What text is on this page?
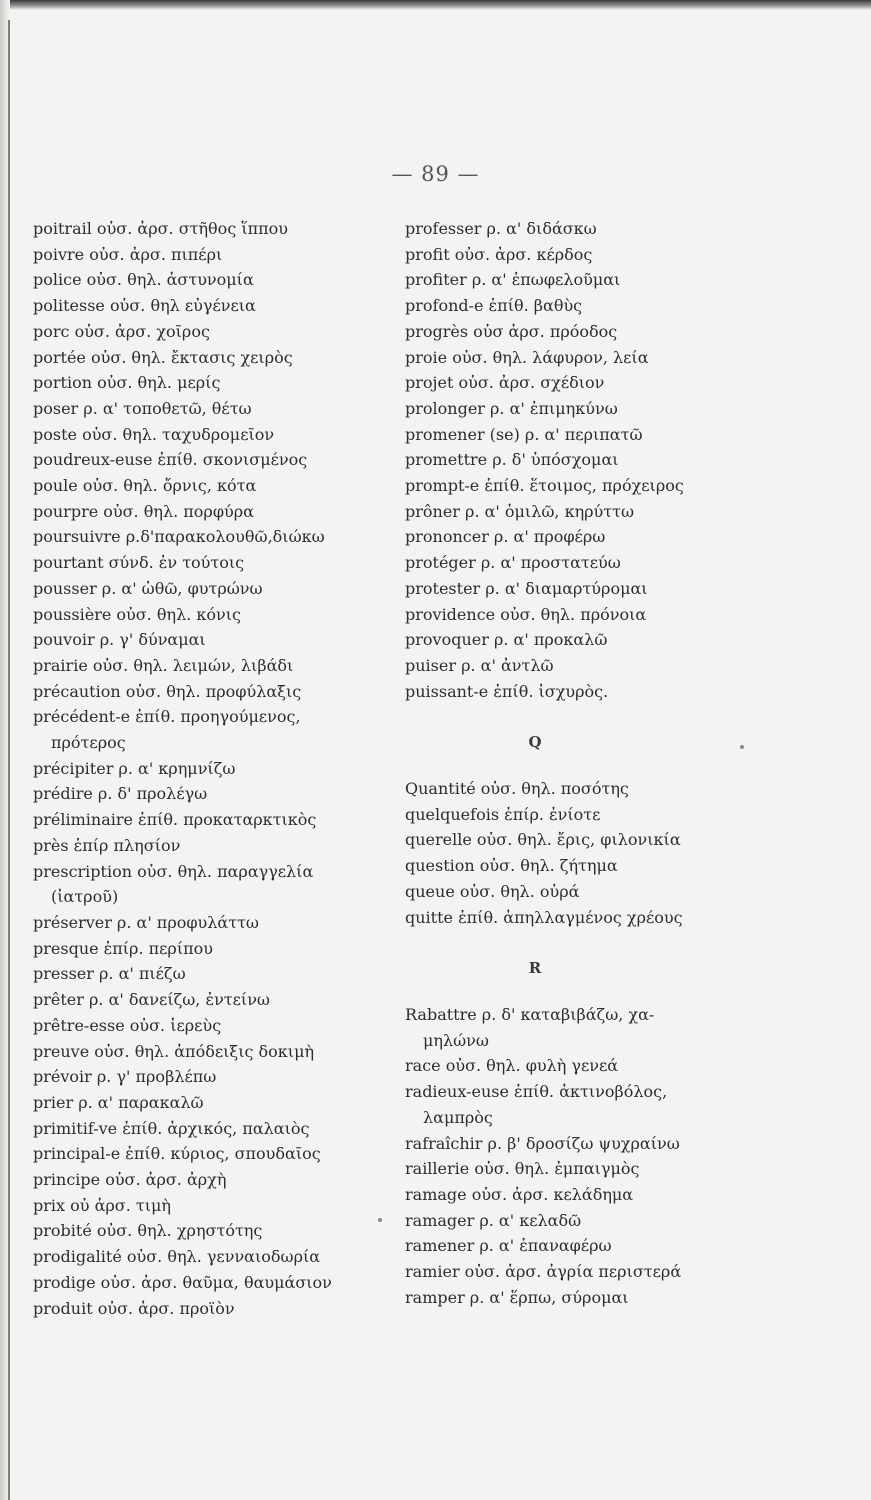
— 89 —
poitrail οὐσ. ἀρσ. στῆθος ἵππου
poivre οὐσ. ἀρσ. πιπέρι
police οὐσ. θηλ. ἀστυνομία
politesse οὐσ. θηλ εὐγένεια
porc οὐσ. ἀρσ. χοῖρος
portée οὐσ. θηλ. ἔκτασις χειρὸς
portion οὐσ. θηλ. μερίς
poser ρ. α' τοποθετῶ, θέτω
poste οὐσ. θηλ. ταχυδρομεῖον
poudreux-euse ἐπίθ. σκονισμένος
poule οὐσ. θηλ. ὄρνις, κότα
pourpre οὐσ. θηλ. πορφύρα
poursuivre ρ.δ'παρακολουθῶ,διώκω
pourtant σύνδ. ἐν τούτοις
pousser ρ. α' ὠθῶ, φυτρώνω
poussière οὐσ. θηλ. κόνις
pouvoir ρ. γ' δύναμαι
prairie οὐσ. θηλ. λειμών, λιβάδι
précaution οὐσ. θηλ. προφύλαξις
précédent-e ἐπίθ. προηγούμενος,
πρότερος
précipiter ρ. α' κρημνίζω
prédire ρ. δ' προλέγω
préliminaire ἐπίθ. προκαταρκτικὸς
près ἐπίρ πλησίον
prescription οὐσ. θηλ. παραγγελία
(ἰατροῦ)
préserver ρ. α' προφυλάττω
presque ἐπίρ. περίπου
presser ρ. α' πιέζω
prêter ρ. α' δανείζω, ἐντείνω
prêtre-esse οὐσ. ἱερεὺς
preuve οὐσ. θηλ. ἀπόδειξις δοκιμὴ
prévoir ρ. γ' προβλέπω
prier ρ. α' παρακαλῶ
primitif-ve ἐπίθ. ἀρχικός, παλαιὸς
principal-e ἐπίθ. κύριος, σπουδαῖος
principe οὐσ. ἀρσ. ἀρχὴ
prix οὐ ἀρσ. τιμὴ
probité οὐσ. θηλ. χρηστότης
prodigalité οὐσ. θηλ. γενναιοδωρία
prodige οὐσ. ἀρσ. θαῦμα, θαυμάσιον
produit οὐσ. ἀρσ. προϊὸν
professer ρ. α' διδάσκω
profit οὐσ. ἀρσ. κέρδος
profiter ρ. α' ἐπωφελοῦμαι
profond-e ἐπίθ. βαθὺς
progrès οὐσ ἀρσ. πρόοδος
proie οὐσ. θηλ. λάφυρον, λεία
projet οὐσ. ἀρσ. σχέδιον
prolonger ρ. α' ἐπιμηκύνω
promener (se) ρ. α' περιπατῶ
promettre ρ. δ' ὑπόσχομαι
prompt-e ἐπίθ. ἕτοιμος, πρόχειρος
prôner ρ. α' ὁμιλῶ, κηρύττω
prononcer ρ. α' προφέρω
protéger ρ. α' προστατεύω
protester ρ. α' διαμαρτύρομαι
providence οὐσ. θηλ. πρόνοια
provoquer ρ. α' προκαλῶ
puiser ρ. α' ἀντλῶ
puissant-e ἐπίθ. ἰσχυρὸς.
Q
Quantité οὐσ. θηλ. ποσότης
quelquefois ἐπίρ. ἐνίοτε
querelle οὐσ. θηλ. ἔρις, φιλονικία
question οὐσ. θηλ. ζήτημα
queue οὐσ. θηλ. οὐρά
quitte ἐπίθ. ἀπηλλαγμένος χρέους
R
Rabattre ρ. δ' καταβιβάζω, χα-
μηλώνω
race οὐσ. θηλ. φυλὴ γενεά
radieux-euse ἐπίθ. ἀκτινοβόλος,
λαμπρὸς
rafraîchir ρ. β' δροσίζω ψυχραίνω
raillerie οὐσ. θηλ. ἐμπαιγμὸς
ramage οὐσ. ἀρσ. κελάδημα
ramager ρ. α' κελαδῶ
ramener ρ. α' ἐπαναφέρω
ramier οὐσ. ἀρσ. ἀγρία περιστερά
ramper ρ. α' ἕρπω, σύρομαι
